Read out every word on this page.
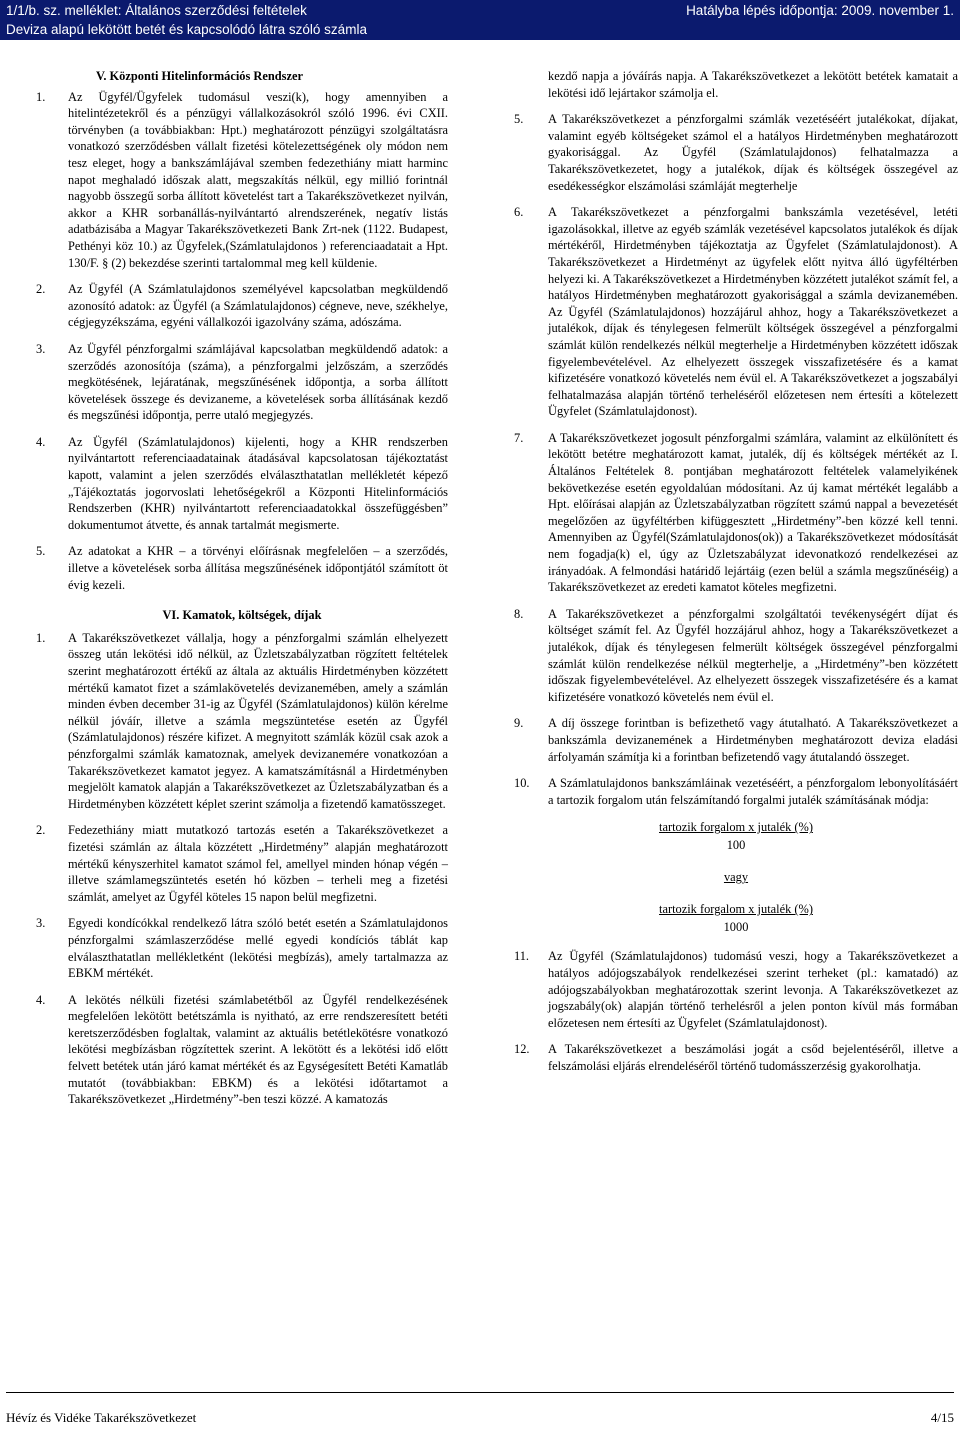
1/1/b. sz. melléklet: Általános szerződési feltételek
Deviza alapú lekötött betét és kapcsolódó látra szóló számla
Hatályba lépés időpontja: 2009. november 1.
V. Központi Hitelinformációs Rendszer
1.	Az Ügyfél/Ügyfelek tudomásul veszi(k), hogy amennyiben a hitelintézetekről és a pénzügyi vállalkozásokról szóló 1996. évi CXII. törvényben (a továbbiakban: Hpt.) meghatározott pénzügyi szolgáltatásra vonatkozó szerződésben vállalt fizetési kötelezettségének oly módon nem tesz eleget, hogy a bankszámlájával szemben fedezethiány miatt harminc napot meghaladó időszak alatt, megszakítás nélkül, egy millió forintnál nagyobb összegű sorba állított követelést tart a Takarékszövetkezet nyilván, akkor a KHR sorbanállás-nyilvántartó alrendszerének, negatív listás adatbázisába a Magyar Takarékszövetkezeti Bank Zrt-nek (1122. Budapest, Pethényi köz 10.) az Ügyfelek,(Számlatulajdonos ) referenciaadatait a Hpt. 130/F. § (2) bekezdése szerinti tartalommal meg kell küldenie.
2.	Az Ügyfél (A Számlatulajdonos személyével kapcsolatban megküldendő azonosító adatok: az Ügyfél (a Számlatulajdonos) cégneve, neve, székhelye, cégjegyzékszáma, egyéni vállalkozói igazolvány száma, adószáma.
3.	Az Ügyfél pénzforgalmi számlájával kapcsolatban megküldendő adatok: a szerződés azonosítója (száma), a pénzforgalmi jelzőszám, a szerződés megkötésének, lejáratának, megszűnésének időpontja, a sorba állított követelések összege és devizaneme, a követelések sorba állításának kezdő és megszűnési időpontja, perre utaló megjegyzés.
4.	Az Ügyfél (Számlatulajdonos) kijelenti, hogy a KHR rendszerben nyilvántartott referenciaadatainak átadásával kapcsolatosan tájékoztatást kapott, valamint a jelen szerződés elválaszthatatlan mellékletét képező „Tájékoztatás jogorvoslati lehetőségekről a Központi Hitelinformációs Rendszerben (KHR) nyilvántartott referenciaadatokkal összefüggésben” dokumentumot átvette, és annak tartalmát megismerte.
5.	Az adatokat a KHR – a törvényi előírásnak megfelelően – a szerződés, illetve a követelések sorba állítása megszűnésének időpontjától számított öt évig kezeli.
VI. Kamatok, költségek, díjak
1.	A Takarékszövetkezet vállalja, hogy a pénzforgalmi számlán elhelyezett összeg után lekötési idő nélkül, az Üzletszabályzatban rögzített feltételek szerint meghatározott értékű az általa az aktuális Hirdetményben közzétett mértékű kamatot fizet a számlakövetelés devizanemében, amely a számlán minden évben december 31-ig az Ügyfél (Számlatulajdonos) külön kérelme nélkül jóváír, illetve a számla megszüntetése esetén az Ügyfél (Számlatulajdonos) részére kifizet. A megnyitott számlák közül csak azok a pénzforgalmi számlák kamatoznak, amelyek devizanemére vonatkozóan a Takarékszövetkezet kamatot jegyez. A kamatszámításnál a Hirdetményben megjelölt kamatok alapján a Takarékszövetkezet az Üzletszabályzatban és a Hirdetményben közzétett képlet szerint számolja a fizetendő kamatösszeget.
2.	Fedezethiány miatt mutatkozó tartozás esetén a Takarékszövetkezet a fizetési számlán az általa közzétett „Hirdetmény” alapján meghatározott mértékű kényszerhitel kamatot számol fel, amellyel minden hónap végén – illetve számlamegszüntetés esetén hó közben – terheli meg a fizetési számlát, amelyet az Ügyfél köteles 15 napon belül megfizetni.
3.	Egyedi kondícókkal rendelkező látra szóló betét esetén a Számlatulajdonos pénzforgalmi számlaszerződése mellé egyedi kondíciós táblát kap elválaszthatatlan mellékletként (lekötési megbízás), amely tartalmazza az EBKM mértékét.
4.	A lekötés nélküli fizetési számlabetétből az Ügyfél rendelkezésének megfelelően lekötött betétszámla is nyitható, az erre rendszeresített betéti keretszerződésben foglaltak, valamint az aktuális betétlekötésre vonatkozó lekötési megbízásban rögzítettek szerint. A lekötött és a lekötési idő előtt felvett betétek után járó kamat mértékét és az Egységesített Betéti Kamatláb mutatót (továbbiakban: EBKM) és a lekötési időtartamot a Takarékszövetkezet „Hirdetmény”-ben teszi közzé. A kamatozás
kezdő napja a jóváírás napja. A Takarékszövetkezet a lekötött betétek kamatait a lekötési idő lejártakor számolja el.
5.	A Takarékszövetkezet a pénzforgalmi számlák vezetéséért jutalékokat, díjakat, valamint egyéb költségeket számol el a hatályos Hirdetményben meghatározott gyakorisággal. Az Ügyfél (Számlatulajdonos) felhatalmazza a Takarékszövetkezetet, hogy a jutalékok, díjak és költségek összegével az esedékességkor elszámolási számláját megterhelje
6.	A Takarékszövetkezet a pénzforgalmi bankszámla vezetésével, letéti igazolásokkal, illetve az egyéb számlák vezetésével kapcsolatos jutalékok és díjak mértékéről, Hirdetményben tájékoztatja az Ügyfelet (Számlatulajdonost). A Takarékszövetkezet a Hirdetményt az ügyfelek előtt nyitva álló ügyféltérben helyezi ki. A Takarékszövetkezet a Hirdetményben közzétett jutalékot számít fel, a hatályos Hirdetményben meghatározott gyakorisággal a számla devizanemében. Az Ügyfél (Számlatulajdonos) hozzájárul ahhoz, hogy a Takarékszövetkezet a jutalékok, díjak és ténylegesen felmerült költségek összegével a pénzforgalmi számlát külön rendelkezés nélkül megterhelje a Hirdetményben közzétett időszak figyelembevételével. Az elhelyezett összegek visszafizetésére és a kamat kifizetésére vonatkozó követelés nem évül el. A Takarékszövetkezet a jogszabályi felhatalmazása alapján történő terheléséről előzetesen nem értesíti a kötelezett Ügyfelet (Számlatulajdonost).
7.	A Takarékszövetkezet jogosult pénzforgalmi számlára, valamint az elkülönített és lekötött betétre meghatározott kamat, jutalék, díj és költségek mértékét az I. Általános Feltételek 8. pontjában meghatározott feltételek valamelyikének bekövetkezése esetén egyoldalúan módosítani. Az új kamat mértékét legalább a Hpt. előírásai alapján az Üzletszabályzatban rögzített számú nappal a bevezetését megelőzően az ügyféltérben kifüggesztett „Hirdetmény”-ben közzé kell tenni. Amennyiben az Ügyfél(Számlatulajdonos(ok)) a Takarékszövetkezet módosítását nem fogadja(k) el, úgy az Üzletszabályzat idevonatkozó rendelkezései az irányadóak. A felmondási határidő lejártáig (ezen belül a számla megszűnéséig) a Takarékszövetkezet az eredeti kamatot köteles megfizetni.
8.	A Takarékszövetkezet a pénzforgalmi szolgáltatói tevékenységért díjat és költséget számít fel. Az Ügyfél hozzájárul ahhoz, hogy a Takarékszövetkezet a jutalékok, díjak és ténylegesen felmerült költségek összegével pénzforgalmi számlát külön rendelkezése nélkül megterhelje, a „Hirdetmény”-ben közzétett időszak figyelembevételével. Az elhelyezett összegek visszafizetésére és a kamat kifizetésére vonatkozó követelés nem évül el.
9.	A díj összege forintban is befizethető vagy átutalható. A Takarékszövetkezet a bankszámla devizanemének a Hirdetményben meghatározott deviza eladási árfolyamán számítja ki a forintban befizetendő vagy átutalandó összeget.
10.	A Számlatulajdonos bankszámláinak vezetéséért, a pénzforgalom lebonyolításáért a tartozik forgalom után felszámítandó forgalmi jutalék számításának módja:
tartozik forgalom x jutalék (%)
100
vagy
tartozik forgalom x jutalék (%)
1000
11.	Az Ügyfél (Számlatulajdonos) tudomású veszi, hogy a Takarékszövetkezet a hatályos adójogszabályok rendelkezései szerint terheket (pl.: kamatadó) az adójogszabályokban meghatározottak szerint levonja. A Takarékszövetkezet az jogszabály(ok) alapján történő terhelésről a jelen ponton kívül más formában előzetesen nem értesíti az Ügyfelet (Számlatulajdonost).
12.	A Takarékszövetkezet a beszámolási jogát a csőd bejelentéséről, illetve a felszámolási eljárás elrendeléséről történő tudomásszerzésig gyakorolhatja.
Hévíz és Vidéke Takarékszövetkezet	4/15
